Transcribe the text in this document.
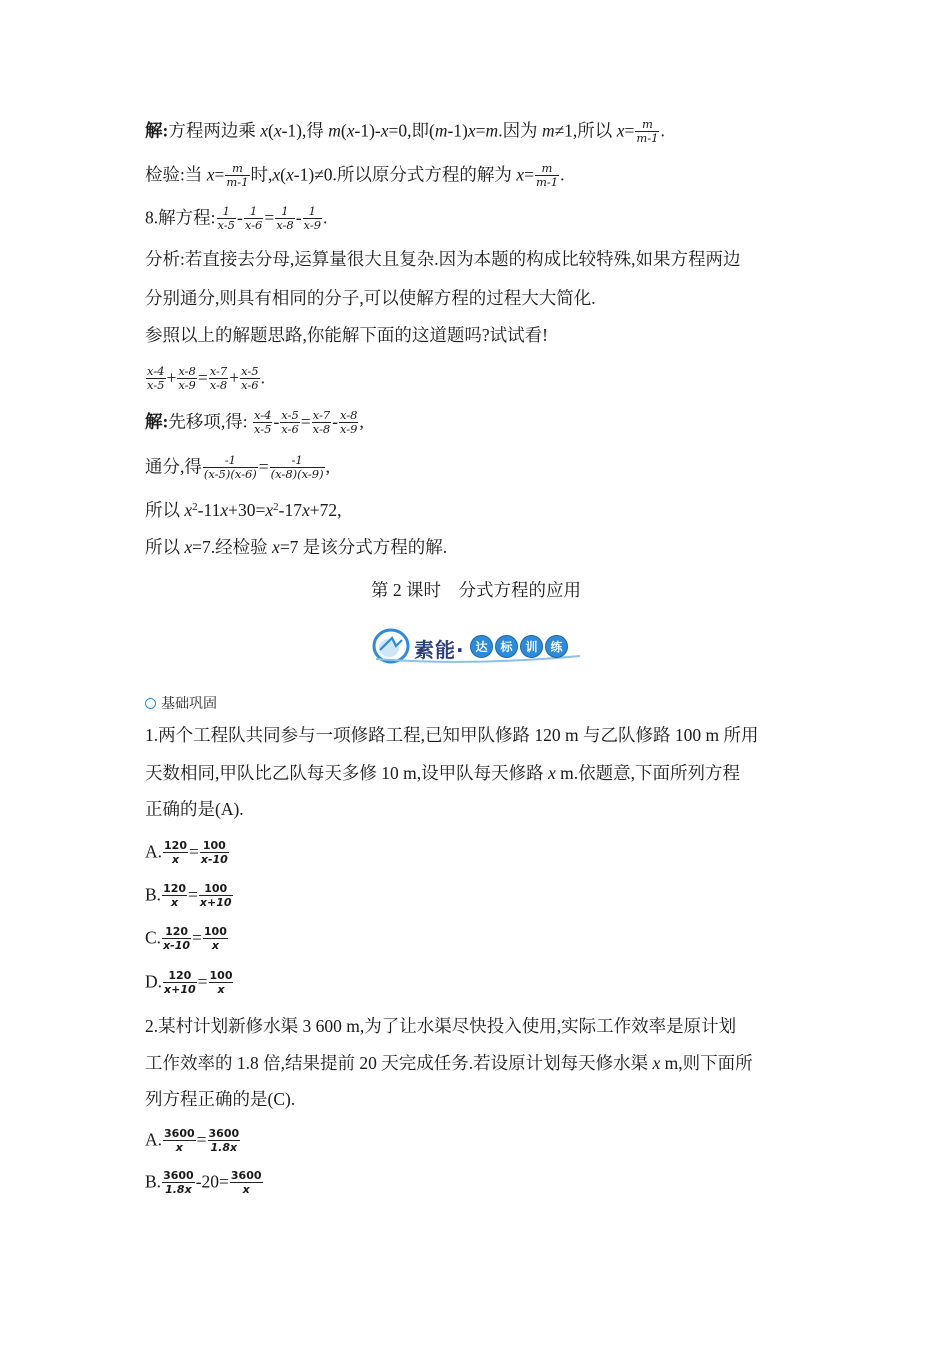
解:方程两边乘 x(x-1),得 m(x-1)-x=0,即(m-1)x=m.因为 m≠1,所以 $x= \frac{m}{m-1}$ .
检验:当 $x= \frac{m}{m-1}$ 时,x(x-1)≠0.所以原分式方程的解为 $x= \frac{m}{m-1}$ .
8.解方程: $\frac{1}{x-5} - \frac{1}{x-6} = \frac{1}{x-8} - \frac{1}{x-9}$ .
分析:若直接去分母,运算量很大且复杂.因为本题的构成比较特殊,如果方程两边
分别通分,则具有相同的分子,可以使解方程的过程大大简化.
参照以上的解题思路,你能解下面的这道题吗?试试看!
$\frac{x-4}{x-5} + \frac{x-8}{x-9} = \frac{x-7}{x-8} + \frac{x-5}{x-6}$ .
解:先移项,得: $\frac{x-4}{x-5} - \frac{x-5}{x-6} = \frac{x-7}{x-8} - \frac{x-8}{x-9}$ ,
通分,得 $\frac{-1}{(x-5)(x-6)} = \frac{-1}{(x-8)(x-9)}$ ,
所以 $x^2-11x+30=x^2-17x+72$,
所以 x=7.经检验 x=7 是该分式方程的解.
第 2 课时　分式方程的应用
素能· 达	标	训	练
基础巩固
1.两个工程队共同参与一项修路工程,已知甲队修路 120 m 与乙队修路 100 m 所用
天数相同,甲队比乙队每天多修 10 m,设甲队每天修路 x m.依题意,下面所列方程
正确的是(A).
A. $\frac{120}{x} = \frac{100}{x-10}$
B. $\frac{120}{x} = \frac{100}{x+10}$
C. $\frac{120}{x-10} = \frac{100}{x}$
D. $\frac{120}{x+10} = \frac{100}{x}$
2.某村计划新修水渠 3 600 m,为了让水渠尽快投入使用,实际工作效率是原计划
工作效率的 1.8 倍,结果提前 20 天完成任务.若设原计划每天修水渠 x m,则下面所
列方程正确的是(C).
A. $\frac{3600}{x} = \frac{3600}{1.8x}$
B. $\frac{3600}{1.8x} -20= \frac{3600}{x}$
